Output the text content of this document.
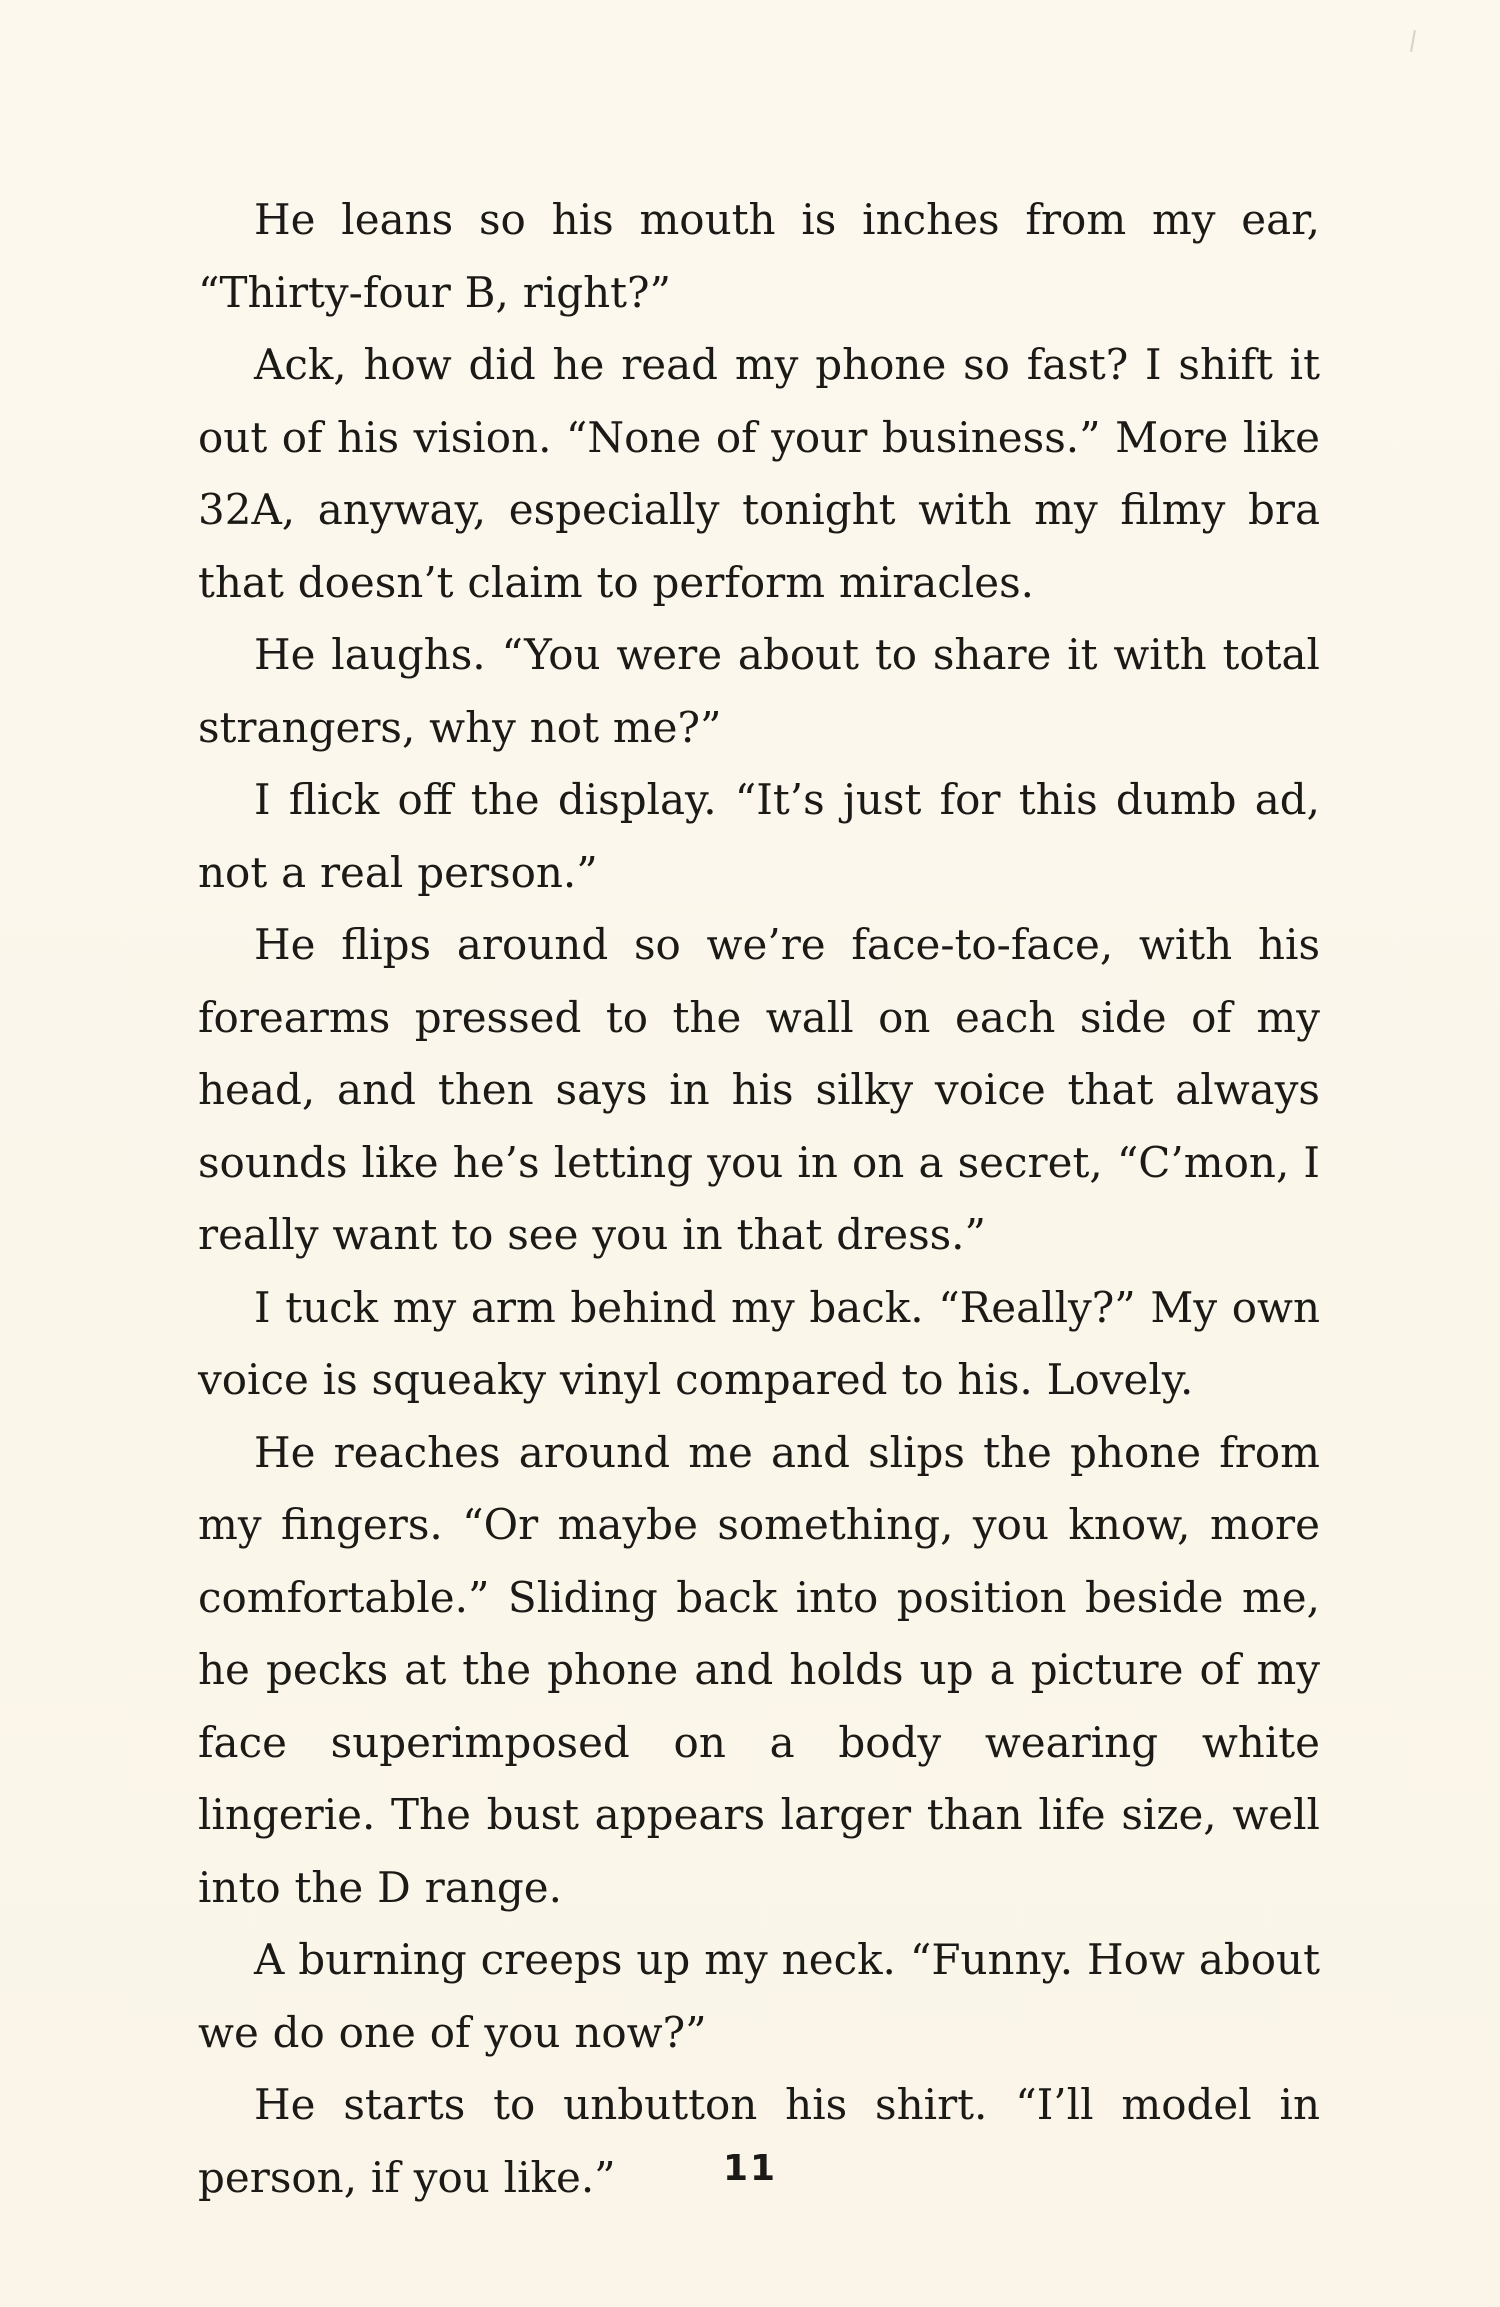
He leans so his mouth is inches from my ear, “Thirty-four B, right?”

Ack, how did he read my phone so fast? I shift it out of his vision. “None of your business.” More like 32A, anyway, especially tonight with my filmy bra that doesn’t claim to perform miracles.

He laughs. “You were about to share it with total strangers, why not me?”

I flick off the display. “It’s just for this dumb ad, not a real person.”

He flips around so we’re face-to-face, with his forearms pressed to the wall on each side of my head, and then says in his silky voice that always sounds like he’s letting you in on a secret, “C’mon, I really want to see you in that dress.”

I tuck my arm behind my back. “Really?” My own voice is squeaky vinyl compared to his. Lovely.

He reaches around me and slips the phone from my fingers. “Or maybe something, you know, more comfortable.” Sliding back into position beside me, he pecks at the phone and holds up a picture of my face superimposed on a body wearing white lingerie. The bust appears larger than life size, well into the D range.

A burning creeps up my neck. “Funny. How about we do one of you now?”

He starts to unbutton his shirt. “I’ll model in person, if you like.”	11
